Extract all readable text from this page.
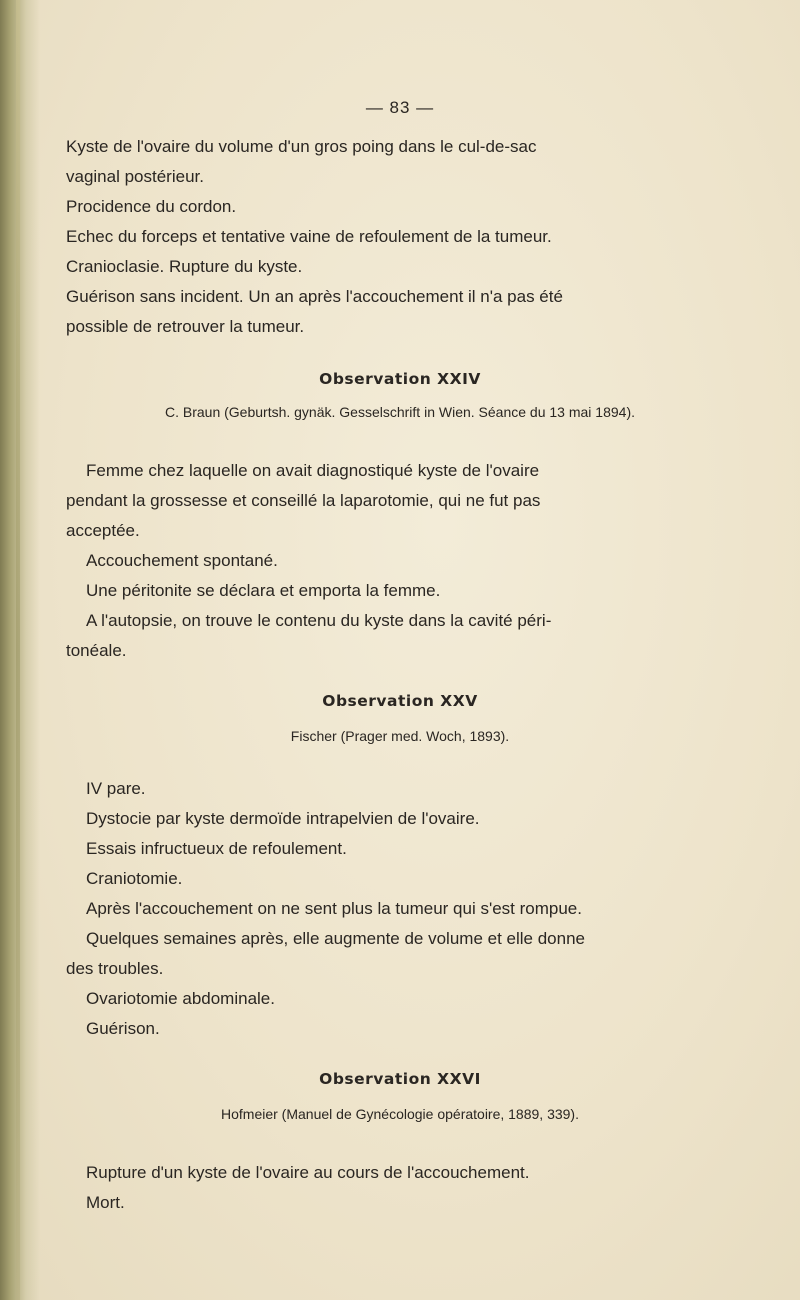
— 83 —
Kyste de l'ovaire du volume d'un gros poing dans le cul-de-sac
vaginal postérieur.
Procidence du cordon.
Echec du forceps et tentative vaine de refoulement de la tumeur.
Cranioclasie. Rupture du kyste.
Guérison sans incident. Un an après l'accouchement il n'a pas été
possible de retrouver la tumeur.
Observation XXIV
C. Braun (Geburtsh. gynäk. Gesselschrift in Wien. Séance du 13 mai 1894).
Femme chez laquelle on avait diagnostiqué kyste de l'ovaire
pendant la grossesse et conseillé la laparotomie, qui ne fut pas
acceptée.
Accouchement spontané.
Une péritonite se déclara et emporta la femme.
A l'autopsie, on trouve le contenu du kyste dans la cavité péri-
tonéale.
Observation XXV
Fischer (Prager med. Woch, 1893).
IV pare.
Dystocie par kyste dermoïde intrapelvien de l'ovaire.
Essais infructueux de refoulement.
Craniotomie.
Après l'accouchement on ne sent plus la tumeur qui s'est rompue.
Quelques semaines après, elle augmente de volume et elle donne
des troubles.
Ovariotomie abdominale.
Guérison.
Observation XXVI
Hofmeier (Manuel de Gynécologie opératoire, 1889, 339).
Rupture d'un kyste de l'ovaire au cours de l'accouchement.
Mort.
